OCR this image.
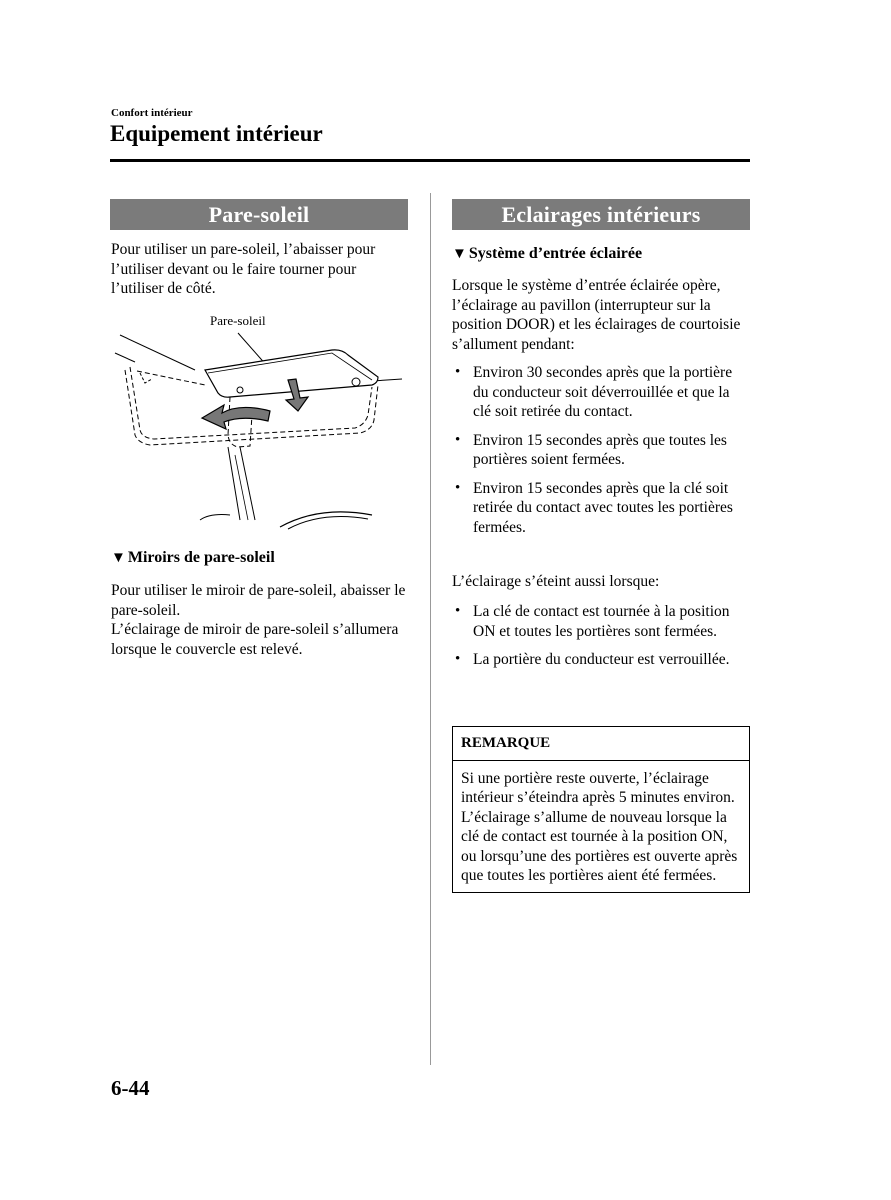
Confort intérieur
Equipement intérieur
Pare-soleil
Pour utiliser un pare-soleil, l’abaisser pour l’utiliser devant ou le faire tourner pour l’utiliser de côté.
Pare-soleil
▼ Miroirs de pare-soleil
Pour utiliser le miroir de pare-soleil, abaisser le pare-soleil.
L’éclairage de miroir de pare-soleil s’allumera lorsque le couvercle est relevé.
Eclairages intérieurs
▼ Système d’entrée éclairée
Lorsque le système d’entrée éclairée opère, l’éclairage au pavillon (interrupteur sur la position DOOR) et les éclairages de courtoisie s’allument pendant:
• Environ 30 secondes après que la portière du conducteur soit déverrouillée et que la clé soit retirée du contact.
• Environ 15 secondes après que toutes les portières soient fermées.
• Environ 15 secondes après que la clé soit retirée du contact avec toutes les portières fermées.
L’éclairage s’éteint aussi lorsque:
• La clé de contact est tournée à la position ON et toutes les portières sont fermées.
• La portière du conducteur est verrouillée.
REMARQUE
Si une portière reste ouverte, l’éclairage intérieur s’éteindra après 5 minutes environ.
L’éclairage s’allume de nouveau lorsque la clé de contact est tournée à la position ON, ou lorsqu’une des portières est ouverte après que toutes les portières aient été fermées.
6-44
